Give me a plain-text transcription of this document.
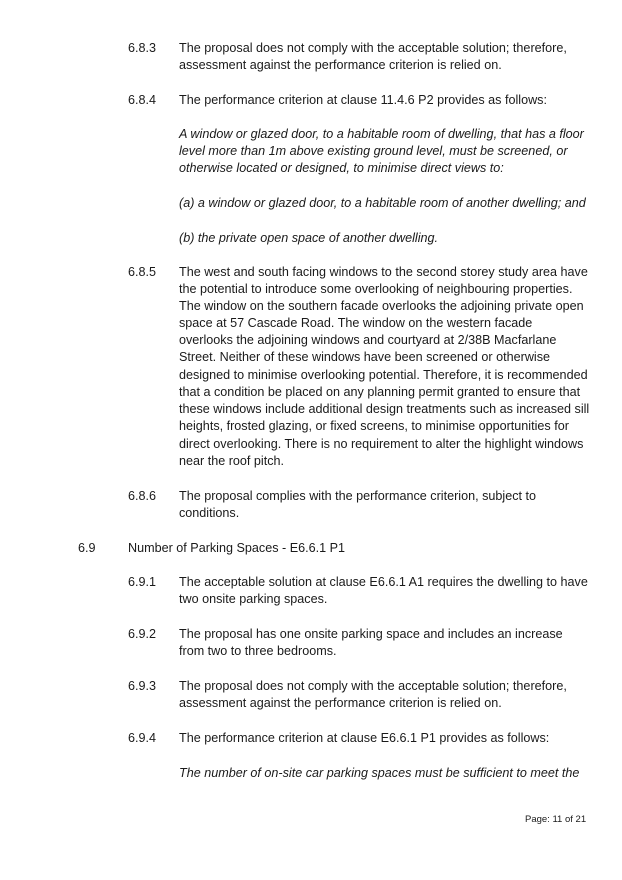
6.8.3 The proposal does not comply with the acceptable solution; therefore,
assessment against the performance criterion is relied on.
6.8.4 The performance criterion at clause 11.4.6 P2 provides as follows:
A window or glazed door, to a habitable room of dwelling, that has a floor
level more than 1m above existing ground level, must be screened, or
otherwise located or designed, to minimise direct views to:
(a) a window or glazed door, to a habitable room of another dwelling; and
(b) the private open space of another dwelling.
6.8.5 The west and south facing windows to the second storey study area have
the potential to introduce some overlooking of neighbouring properties.
The window on the southern facade overlooks the adjoining private open
space at 57 Cascade Road. The window on the western facade
overlooks the adjoining windows and courtyard at 2/38B Macfarlane
Street. Neither of these windows have been screened or otherwise
designed to minimise overlooking potential. Therefore, it is recommended
that a condition be placed on any planning permit granted to ensure that
these windows include additional design treatments such as increased sill
heights, frosted glazing, or fixed screens, to minimise opportunities for
direct overlooking. There is no requirement to alter the highlight windows
near the roof pitch.
6.8.6 The proposal complies with the performance criterion, subject to
conditions.
6.9	Number of Parking Spaces - E6.6.1 P1
6.9.1 The acceptable solution at clause E6.6.1 A1 requires the dwelling to have
two onsite parking spaces.
6.9.2 The proposal has one onsite parking space and includes an increase
from two to three bedrooms.
6.9.3 The proposal does not comply with the acceptable solution; therefore,
assessment against the performance criterion is relied on.
6.9.4 The performance criterion at clause E6.6.1 P1 provides as follows:
The number of on-site car parking spaces must be sufficient to meet the
Page: 11 of 21
